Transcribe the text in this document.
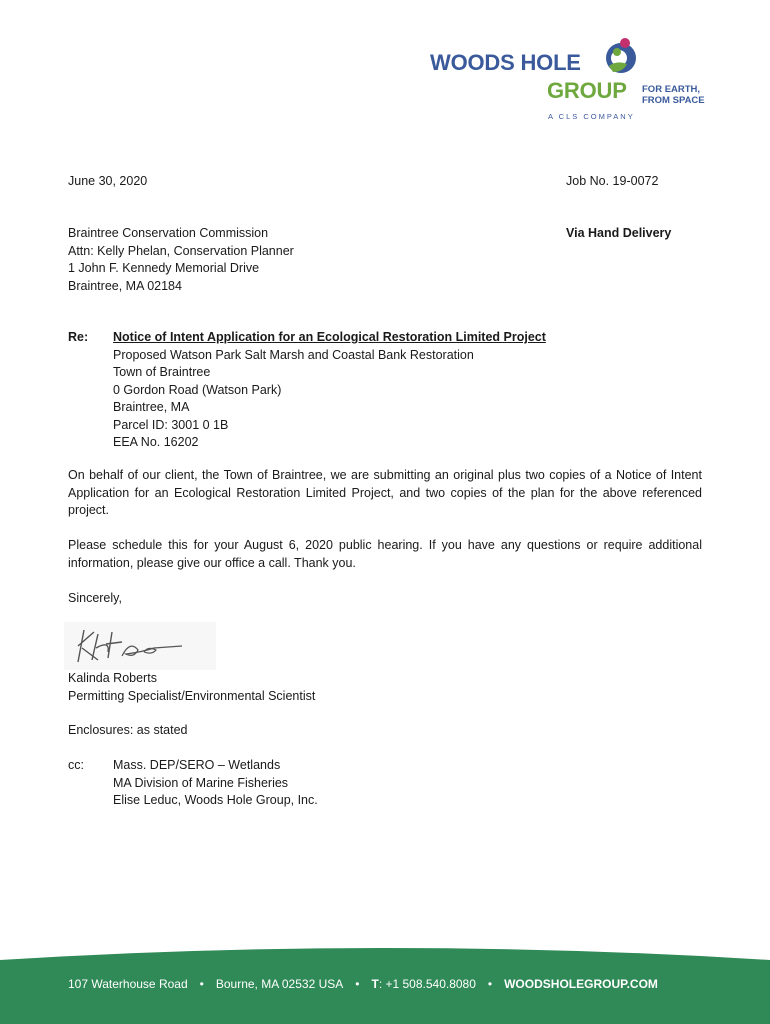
WOODS HOLE
GROUP FOR EARTH,
FROM SPACE
A CLS COMPANY
June 30, 2020	Job No. 19-0072
Braintree Conservation Commission
Attn: Kelly Phelan, Conservation Planner
1 John F. Kennedy Memorial Drive
Braintree, MA 02184
Via Hand Delivery
Re: Notice of Intent Application for an Ecological Restoration Limited Project
Proposed Watson Park Salt Marsh and Coastal Bank Restoration
Town of Braintree
0 Gordon Road (Watson Park)
Braintree, MA
Parcel ID: 3001 0 1B
EEA No. 16202

On behalf of our client, the Town of Braintree, we are submitting an original plus two copies of a Notice of Intent Application for an Ecological Restoration Limited Project, and two copies of the plan for the above referenced project.

Please schedule this for your August 6, 2020 public hearing. If you have any questions or require additional information, please give our office a call. Thank you.

Sincerely,
Kalinda Roberts
Permitting Specialist/Environmental Scientist
Enclosures: as stated
cc: Mass. DEP/SERO – Wetlands
MA Division of Marine Fisheries
Elise Leduc, Woods Hole Group, Inc.
107 Waterhouse Road • Bourne, MA 02532 USA • T: +1 508.540.8080 • WOODSHOLEGROUP.COM
